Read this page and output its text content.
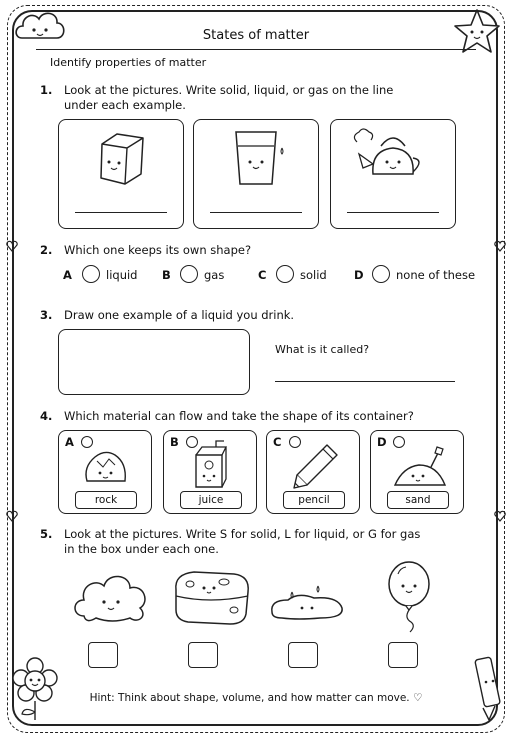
States of matter
Identify properties of matter
1. Look at the pictures. Write solid, liquid, or gas on the line
under each example.
2. Which one keeps its own shape?
A	liquid B	gas	C	solid D	none of these
3. Draw one example of a liquid you drink.
What is it called?
4. Which material can flow and take the shape of its container?
A
rock
B
juice
C
pencil
D
sand
5. Look at the pictures. Write S for solid, L for liquid, or G for gas
in the box under each one.
Hint: Think about shape, volume, and how matter can move. ♡
